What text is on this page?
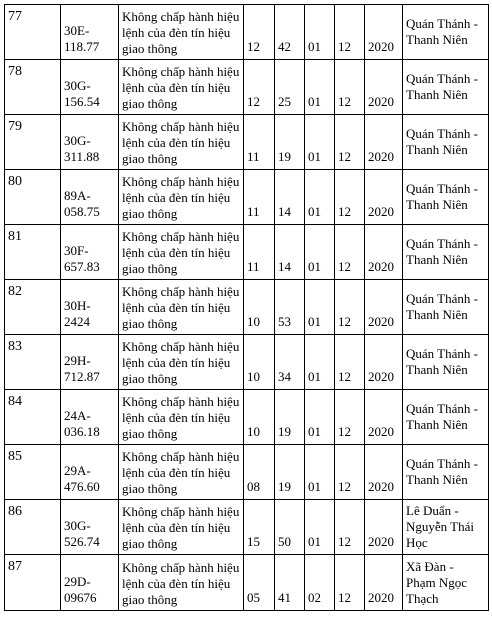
77	30E-118.77	Không chấp hành hiệu lệnh của đèn tín hiệu giao thông	12	42	01	12	2020	Quán Thánh - Thanh Niên

78	30G-156.54	Không chấp hành hiệu lệnh của đèn tín hiệu giao thông	12	25	01	12	2020	Quán Thánh - Thanh Niên

79	30G-311.88	Không chấp hành hiệu lệnh của đèn tín hiệu giao thông	11	19	01	12	2020	Quán Thánh - Thanh Niên

80	89A-058.75	Không chấp hành hiệu lệnh của đèn tín hiệu giao thông	11	14	01	12	2020	Quán Thánh - Thanh Niên

81	30F-657.83	Không chấp hành hiệu lệnh của đèn tín hiệu giao thông	11	14	01	12	2020	Quán Thánh - Thanh Niên

82	30H-2424	Không chấp hành hiệu lệnh của đèn tín hiệu giao thông	10	53	01	12	2020	Quán Thánh - Thanh Niên

83	29H-712.87	Không chấp hành hiệu lệnh của đèn tín hiệu giao thông	10	34	01	12	2020	Quán Thánh - Thanh Niên

84	24A-036.18	Không chấp hành hiệu lệnh của đèn tín hiệu giao thông	10	19	01	12	2020	Quán Thánh - Thanh Niên

85	29A-476.60	Không chấp hành hiệu lệnh của đèn tín hiệu giao thông	08	19	01	12	2020	Quán Thánh - Thanh Niên

86	30G-526.74	Không chấp hành hiệu lệnh của đèn tín hiệu giao thông	15	50	01	12	2020	Lê Duẩn - Nguyễn Thái Học

87	29D-09676	Không chấp hành hiệu lệnh của đèn tín hiệu giao thông	05	41	02	12	2020	Xã Đàn - Phạm Ngọc Thạch
